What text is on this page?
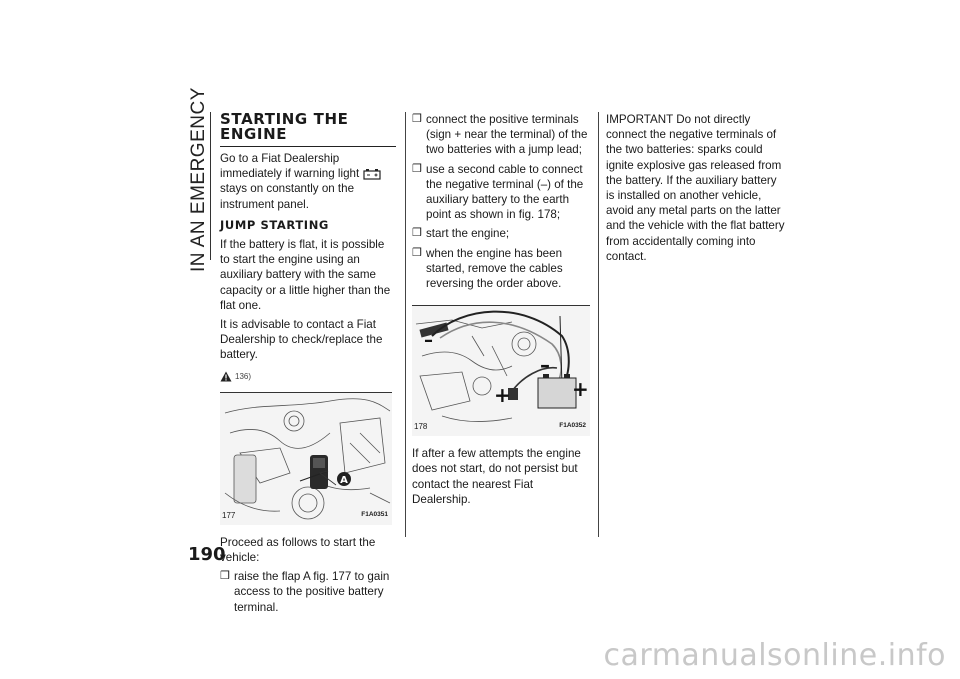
IN AN EMERGENCY STARTING THE ENGINE

Go to a Fiat Dealership immediately if warning light  stays on constantly on the instrument panel.

JUMP STARTING

If the battery is flat, it is possible to start the engine using an auxiliary battery with the same capacity or a little higher than the flat one.

It is advisable to contact a Fiat Dealership to check/replace the battery.

136)
A
177	F1A0351

Proceed as follows to start the vehicle:

❒ raise the flap A fig. 177 to gain access to the positive battery terminal.
❒ connect the positive terminals (sign + near the terminal) of the two batteries with a jump lead;
❒ use a second cable to connect the negative terminal (–) of the auxiliary battery to the earth point as shown in fig. 178;
❒ start the engine;
❒ when the engine has been started, remove the cables reversing the order above.
–
+
–
+
178	F1A0352

If after a few attempts the engine does not start, do not persist but contact the nearest Fiat Dealership.

IMPORTANT Do not directly connect the negative terminals of the two batteries: sparks could ignite explosive gas released from the battery. If the auxiliary battery is installed on another vehicle, avoid any metal parts on the latter and the vehicle with the flat battery from accidentally coming into contact.

190
carmanualsonline.info
